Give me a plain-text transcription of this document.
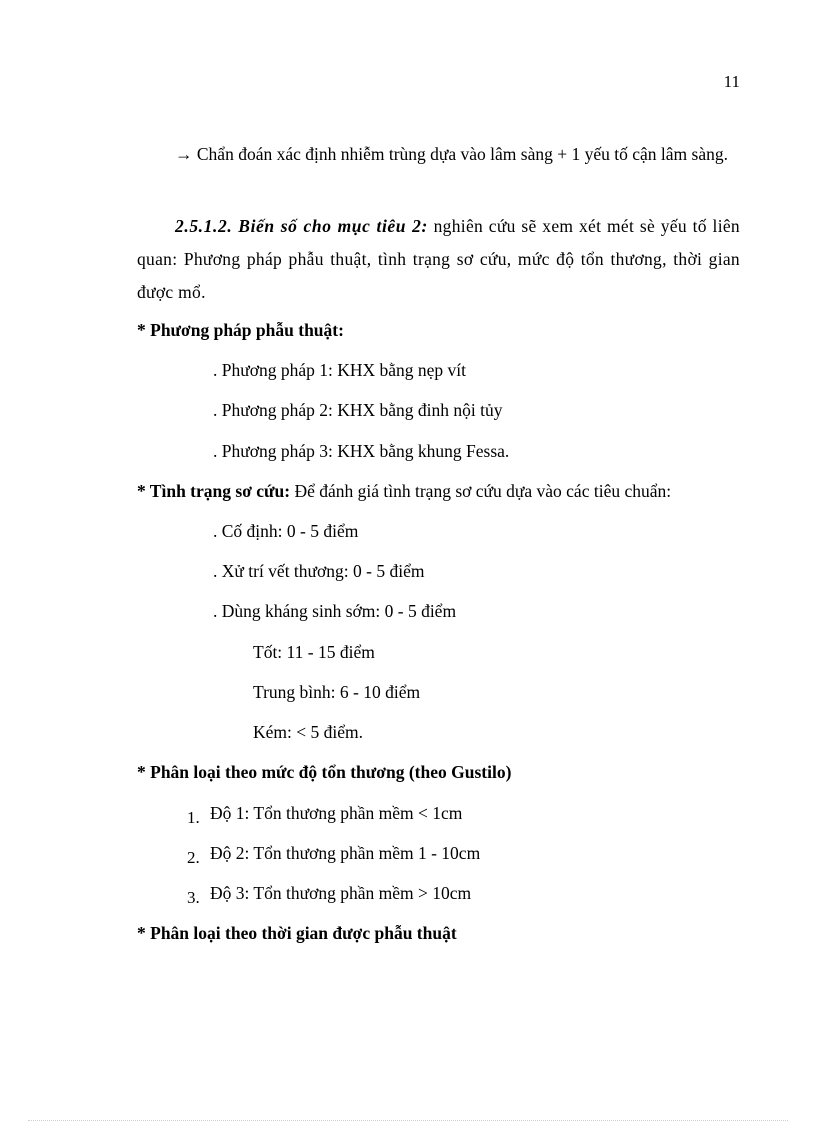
11

→ Chẩn đoán xác định nhiễm trùng dựa vào lâm sàng + 1 yếu tố cận lâm sàng.

2.5.1.2. Biến số cho mục tiêu 2: nghiên cứu sẽ xem xét mét sè yếu tố liên quan: Phương pháp phẫu thuật, tình trạng sơ cứu, mức độ tổn thương, thời gian được mổ.

* Phương pháp phẫu thuật:

. Phương pháp 1: KHX bằng nẹp vít

. Phương pháp 2: KHX bằng đinh nội tủy

. Phương pháp 3: KHX bằng khung Fessa.

* Tình trạng sơ cứu: Để đánh giá tình trạng sơ cứu dựa vào các tiêu chuẩn:

. Cố định: 0 - 5 điểm

. Xử trí vết thương: 0 - 5 điểm

. Dùng kháng sinh sớm: 0 - 5 điểm

Tốt: 11 - 15 điểm

Trung bình: 6 - 10 điểm

Kém: < 5 điểm.

* Phân loại theo mức độ tổn thương (theo Gustilo)

1. Độ 1: Tổn thương phần mềm < 1cm

2. Độ 2: Tổn thương phần mềm 1 - 10cm

3. Độ 3: Tổn thương phần mềm > 10cm

* Phân loại theo thời gian được phẫu thuật
